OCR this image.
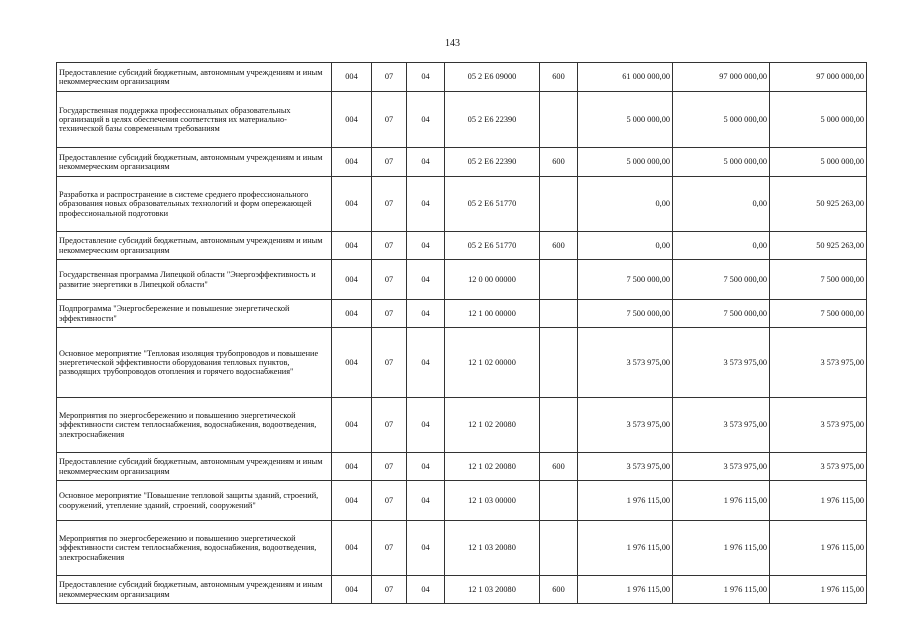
143
Предоставление субсидий бюджетным, автономным учреждениям и иным некоммерческим организациям	004	07	04	05 2 Е6 09000	600	61 000 000,00	97 000 000,00	97 000 000,00
Государственная поддержка профессиональных образовательных организаций в целях обеспечения соответствия их материально-технической базы современным требованиям	004	07	04	05 2 Е6 22390		5 000 000,00	5 000 000,00	5 000 000,00
Предоставление субсидий бюджетным, автономным учреждениям и иным некоммерческим организациям	004	07	04	05 2 Е6 22390	600	5 000 000,00	5 000 000,00	5 000 000,00
Разработка и распространение в системе среднего профессионального образования новых образовательных технологий и форм опережающей профессиональной подготовки	004	07	04	05 2 Е6 51770		0,00	0,00	50 925 263,00
Предоставление субсидий бюджетным, автономным учреждениям и иным некоммерческим организациям	004	07	04	05 2 Е6 51770	600	0,00	0,00	50 925 263,00
Государственная программа Липецкой области "Энергоэффективность и развитие энергетики в Липецкой области"	004	07	04	12 0 00 00000		7 500 000,00	7 500 000,00	7 500 000,00
Подпрограмма "Энергосбережение и повышение энергетической эффективности"	004	07	04	12 1 00 00000		7 500 000,00	7 500 000,00	7 500 000,00
Основное мероприятие "Тепловая изоляция трубопроводов и повышение энергетической эффективности оборудования тепловых пунктов, разводящих трубопроводов отопления и горячего водоснабжения"	004	07	04	12 1 02 00000		3 573 975,00	3 573 975,00	3 573 975,00
Мероприятия по энергосбережению и повышению энергетической эффективности систем теплоснабжения, водоснабжения, водоотведения, электроснабжения	004	07	04	12 1 02 20080		3 573 975,00	3 573 975,00	3 573 975,00
Предоставление субсидий бюджетным, автономным учреждениям и иным некоммерческим организациям	004	07	04	12 1 02 20080	600	3 573 975,00	3 573 975,00	3 573 975,00
Основное мероприятие "Повышение тепловой защиты зданий, строений, сооружений, утепление зданий, строений, сооружений"	004	07	04	12 1 03 00000		1 976 115,00	1 976 115,00	1 976 115,00
Мероприятия по энергосбережению и повышению энергетической эффективности систем теплоснабжения, водоснабжения, водоотведения, электроснабжения	004	07	04	12 1 03 20080		1 976 115,00	1 976 115,00	1 976 115,00
Предоставление субсидий бюджетным, автономным учреждениям и иным некоммерческим организациям	004	07	04	12 1 03 20080	600	1 976 115,00	1 976 115,00	1 976 115,00
